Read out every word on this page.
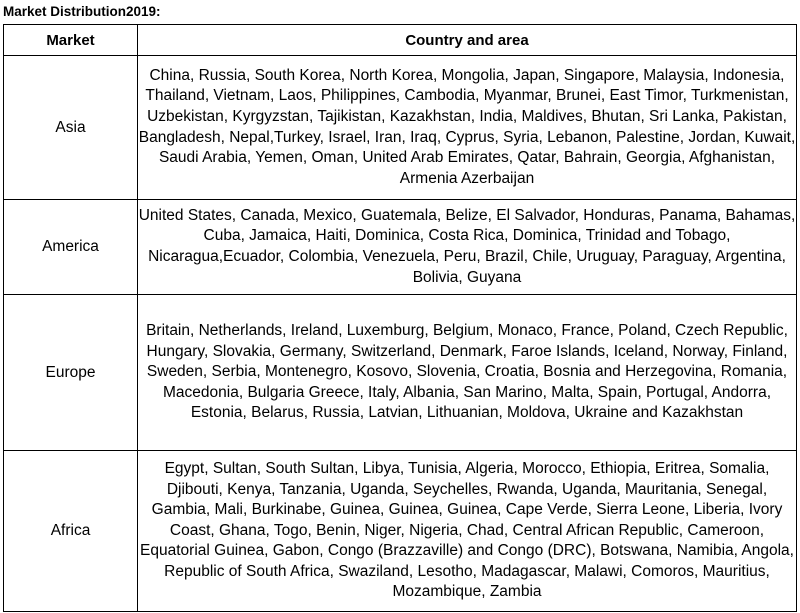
Market Distribution2019:
Market	Country and area
Asia	China, Russia, South Korea, North Korea, Mongolia, Japan, Singapore, Malaysia, Indonesia, Thailand, Vietnam, Laos, Philippines, Cambodia, Myanmar, Brunei, East Timor, Turkmenistan, Uzbekistan, Kyrgyzstan, Tajikistan, Kazakhstan, India, Maldives, Bhutan, Sri Lanka, Pakistan, Bangladesh, Nepal,Turkey, Israel, Iran, Iraq, Cyprus, Syria, Lebanon, Palestine, Jordan, Kuwait, Saudi Arabia, Yemen, Oman, United Arab Emirates, Qatar, Bahrain, Georgia, Afghanistan, Armenia Azerbaijan
America	United States, Canada, Mexico, Guatemala, Belize, El Salvador, Honduras, Panama, Bahamas, Cuba, Jamaica, Haiti, Dominica, Costa Rica, Dominica, Trinidad and Tobago, Nicaragua,Ecuador, Colombia, Venezuela, Peru, Brazil, Chile, Uruguay, Paraguay, Argentina, Bolivia, Guyana
Europe	Britain, Netherlands, Ireland, Luxemburg, Belgium, Monaco, France, Poland, Czech Republic, Hungary, Slovakia, Germany, Switzerland, Denmark, Faroe Islands, Iceland, Norway, Finland, Sweden, Serbia, Montenegro, Kosovo, Slovenia, Croatia, Bosnia and Herzegovina, Romania, Macedonia, Bulgaria Greece, Italy, Albania, San Marino, Malta, Spain, Portugal, Andorra, Estonia, Belarus, Russia, Latvian, Lithuanian, Moldova, Ukraine and Kazakhstan
Africa	Egypt, Sultan, South Sultan, Libya, Tunisia, Algeria, Morocco, Ethiopia, Eritrea, Somalia, Djibouti, Kenya, Tanzania, Uganda, Seychelles, Rwanda, Uganda, Mauritania, Senegal, Gambia, Mali, Burkinabe, Guinea, Guinea, Guinea, Cape Verde, Sierra Leone, Liberia, Ivory Coast, Ghana, Togo, Benin, Niger, Nigeria, Chad, Central African Republic, Cameroon, Equatorial Guinea, Gabon, Congo (Brazzaville) and Congo (DRC), Botswana, Namibia, Angola, Republic of South Africa, Swaziland, Lesotho, Madagascar, Malawi, Comoros, Mauritius, Mozambique, Zambia
